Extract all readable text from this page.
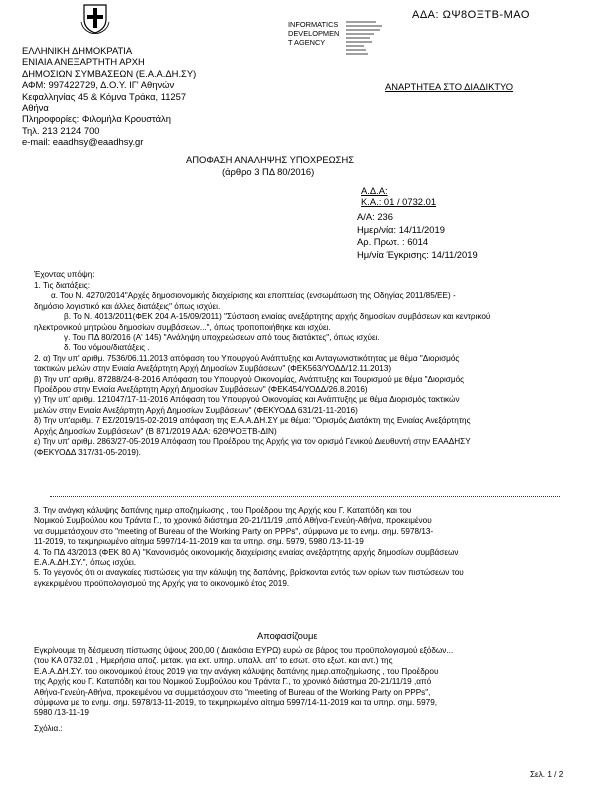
INFORMATICS
DEVELOPMEN
T AGENCY
ΑΔΑ: ΩΨ8ΟΞΤΒ-ΜΑΟ
ΑΝΑΡΤΗΤΕΑ ΣΤΟ ΔΙΑΔΙΚΤΥΟ
ΕΛΛΗΝΙΚΗ ΔΗΜΟΚΡΑΤΙΑ
ΕΝΙΑΙΑ ΑΝΕΞΑΡΤΗΤΗ ΑΡΧΗ
ΔΗΜΟΣΙΩΝ ΣΥΜΒΑΣΕΩΝ (Ε.Α.Α.ΔΗ.ΣΥ)
ΑΦΜ: 997422729, Δ.Ο.Υ. ΙΓ' Αθηνών
Κεφαλληνίας 45 & Κόμνα Τράκα, 11257
Αθήνα
Πληροφορίες: Φιλομήλα Κρουστάλη
Τηλ. 213 2124 700
e-mail: eaadhsy@eaadhsy.gr
ΑΠΟΦΑΣΗ ΑΝΑΛΗΨΗΣ ΥΠΟΧΡΕΩΣΗΣ
(άρθρο 3 ΠΔ 80/2016)
Α.Δ.Α:
Κ.Α.: 01 / 0732.01
Α/Α: 236
Ημερ/νία: 14/11/2019
Αρ. Πρωτ. : 6014
Ημ/νία Έγκρισης: 14/11/2019
Έχοντας υπόψη:
1. Τις διατάξεις:
α. Του Ν. 4270/2014"Αρχές δημοσιονομικής διαχείρισης και εποπτείας (ενσωμάτωση της Οδηγίας 2011/85/ΕΕ) -
δημόσιο λογιστικό και άλλες διατάξεις" όπως ισχύει.
β. Το Ν. 4013/2011(ΦΕΚ 204 Α-15/09/2011) "Σύσταση ενιαίας ανεξάρτητης αρχής δημοσίων συμβάσεων και κεντρικού
ηλεκτρονικού μητρώου δημοσίων συμβάσεων...", όπως τροποποιήθηκε και ισχύει.
γ. Του ΠΔ 80/2016 (Α' 145) "Ανάληψη υποχρεώσεων από τους διατάκτες", όπως ισχύει.
δ. Του νόμου/διατάξεις .
2. α) Την υπ' αριθμ. 7536/06.11.2013 απόφαση του Υπουργού Ανάπτυξης και Ανταγωνιστικότητας με θέμα "Διορισμός
τακτικών μελών στην Ενιαία Ανεξάρτητη Αρχή Δημοσίων Συμβάσεων" (ΦΕΚ563/ΥΟΔΔ/12.11.2013)
β) Την υπ' αριθμ. 87288/24-8-2016 Απόφαση του Υπουργού Οικονομίας, Ανάπτυξης και Τουρισμού με θέμα "Διορισμός
Προέδρου στην Ενιαία Ανεξάρτητη Αρχή Δημοσίων Συμβάσεων" (ΦΕΚ454/ΥΟΔΔ/26.8.2016)
γ) Την υπ' αριθμ. 121047/17-11-2016 Απόφαση του Υπουργού Οικονομίας και Ανάπτυξης με θέμα Διορισμός τακτικών
μελών στην Ενιαία Ανεξάρτητη Αρχή Δημοσίων Συμβάσεων" (ΦΕΚΥΟΔΔ 631/21-11-2016)
δ) Την υπ'αριθμ. 7 ΕΣ/2019/15-02-2019 απόφαση της Ε.Α.Α.ΔΗ.ΣΥ με θέμα: "Ορισμός Διατάκτη της Ενιαίας Ανεξάρτητης
Αρχής Δημοσίων Συμβάσεων" (Β 871/2019 ΑΔΑ: 62ΘΨΟΞΤΒ-ΔΙΝ)
ε) Την υπ' αριθμ. 2863/27-05-2019 Απόφαση του Προέδρου της Αρχής για τον ορισμό Γενικού Διευθυντή στην ΕΑΑΔΗΣΥ
(ΦΕΚΥΟΔΔ 317/31-05-2019).
3. Την ανάγκη κάλυψης δαπάνης ημερ αποζημίωσης , του Προέδρου της Αρχής κου Γ. Καταπόδη και του
Νομικού Συμβούλου κου Τράντα Γ., το χρονικό διάστημα 20-21/11/19 ,από Αθήνα-Γενεύη-Αθήνα, προκειμένου
να συμμετάσχουν στο "meeting of Bureau of the Working Party on PPPs", σύμφωνα με το ενημ. σημ. 5978/13-
11-2019, το τεκμηριωμένο αίτημα 5997/14-11-2019 και τα υπηρ. σημ. 5979, 5980 /13-11-19
4. Το ΠΔ 43/2013 (ΦΕΚ 80 Α) "Κανονισμός οικονομικής διαχείρισης ενιαίας ανεξάρτητης αρχής δημοσίων συμβάσεων
Ε.Α.Α.ΔΗ.ΣΥ.", όπως ισχύει.
5. Το γεγονός ότι οι αναγκαίες πιστώσεις για την κάλυψη της δαπάνης, βρίσκονται εντός των ορίων των πιστώσεων του
εγκεκριμένου προϋπολογισμού της Αρχής για το οικονομικό έτος 2019.
Αποφασίζουμε
Εγκρίνουμε τη δέσμευση πίστωσης ύψους 200,00 ( Διακόσια ΕΥΡΩ) ευρώ σε βάρος του προϋπολογισμού εξόδων...
(του ΚΑ 0732.01 , Ημερήσια αποζ. μετακ. για εκτ. υπηρ. υπαλλ. απ' το εσωτ. στο εξωτ. και αντ.) της
Ε.Α.Α.ΔΗ.ΣΥ. του οικονομικού έτους 2019 για την ανάγκη κάλυψης δαπάνης ημερ.αποζημίωσης , του Προέδρου
της Αρχής κου Γ. Καταπόδη και του Νομικού Συμβούλου κου Τράντα Γ., το χρονικό διάστημα 20-21/11/19 ,από
Αθήνα-Γενεύη-Αθήνα, προκειμένου να συμμετάσχουν στο "meeting of Bureau of the Working Party on PPPs",
σύμφωνα με το ενημ. σημ. 5978/13-11-2019, το τεκμηριωμένο αίτημα 5997/14-11-2019 και τα υπηρ. σημ. 5979,
5980 /13-11-19
Σχόλια.:
Σελ. 1 / 2
